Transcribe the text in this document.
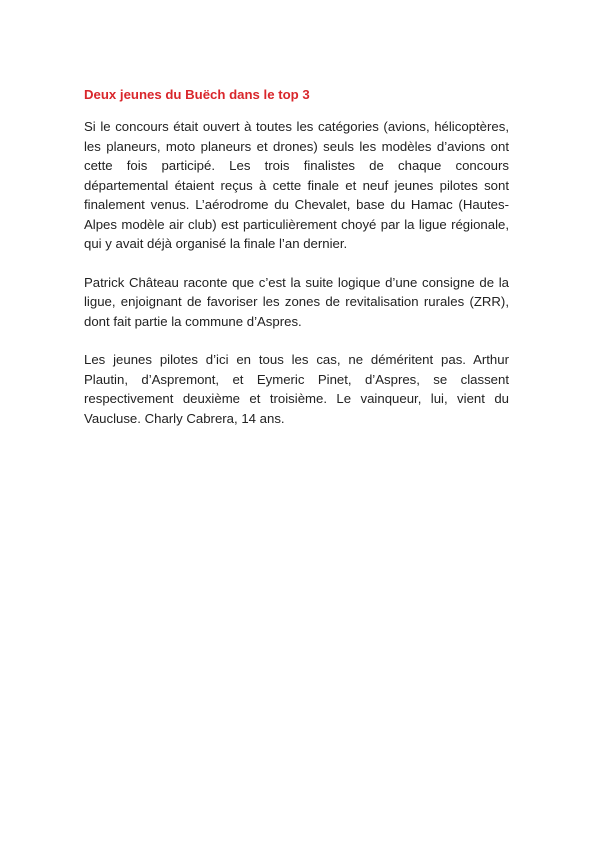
Deux jeunes du Buëch dans le top 3

Si le concours était ouvert à toutes les catégories (avions, hélicoptères, les planeurs, moto planeurs et drones) seuls les modèles d’avions ont cette fois participé. Les trois finalistes de chaque concours départemental étaient reçus à cette finale et neuf jeunes pilotes sont finalement venus. L’aérodrome du Chevalet, base du Hamac (Hautes-Alpes modèle air club) est particulièrement choyé par la ligue régionale, qui y avait déjà organisé la finale l’an dernier.

Patrick Château raconte que c’est la suite logique d’une consigne de la ligue, enjoignant de favoriser les zones de revitalisation rurales (ZRR), dont fait partie la commune d’Aspres.

Les jeunes pilotes d’ici en tous les cas, ne déméritent pas. Arthur Plautin, d’Aspremont, et Eymeric Pinet, d’Aspres, se classent respectivement deuxième et troisième. Le vainqueur, lui, vient du Vaucluse. Charly Cabrera, 14 ans.
